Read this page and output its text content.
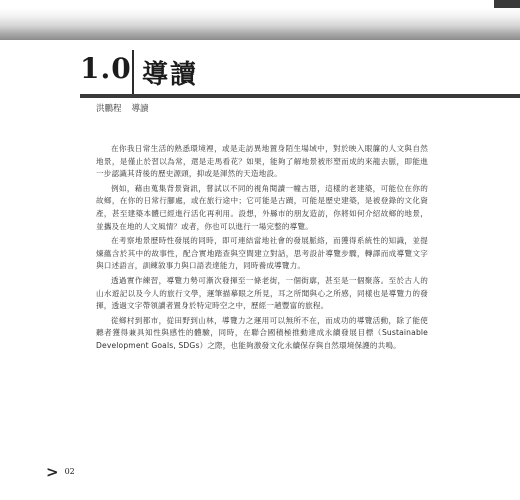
1.0 導讀
洪鵬程 導讀

在你我日常生活的熟悉環境裡，或是走訪異地置身陌生場域中，對於映入眼簾的人文與自然地景，是僅止於習以為常，還是走馬看花？如果，能夠了解地景被形塑而成的來龍去脈，即能進一步認識其背後的歷史源頭，抑或是渾然的天造地設。

例如，藉由蒐集背景資訊，嘗試以不同的視角閱讀一幢古厝，這樣的老建築，可能位在你的故鄉，在你的日常行腳處，或在旅行途中；它可能是古蹟，可能是歷史建築，是被登錄的文化資產，甚至建築本體已經進行活化再利用。設想，外縣市的朋友造訪，你將如何介紹故鄉的地景，並攜及在地的人文風情？或者，你也可以進行一場完整的導覽。

在考察地景歷時性發展的同時，即可連結當地社會的發展脈絡，而獲得系統性的知識，並提煉蘊含於其中的故事性，配合實地踏查與空間建立對話，思考設計導覽步驟，轉譯而成導覽文字與口述語言，訓練敘事力與口語表達能力，同時養成導覽力。

透過實作練習，導覽力勢可漸次發揮至一條老街，一個街廓，甚至是一個聚落。至於古人的山水遊記以及今人的旅行文學，運筆描摹眼之所見，耳之所聞與心之所感，同樣也是導覽力的發揮，透過文字帶領讀者置身於特定時空之中，歷經一趟豐富的旅程。

從鄉村到都市，從田野到山林，導覽力之運用可以無所不在，而成功的導覽活動，除了能使聽者獲得兼具知性與感性的體驗，同時，在聯合國積極推動達成永續發展目標（Sustainable Development Goals, SDGs）之際，也能夠激發文化永續保存與自然環境保護的共鳴。

> 02
